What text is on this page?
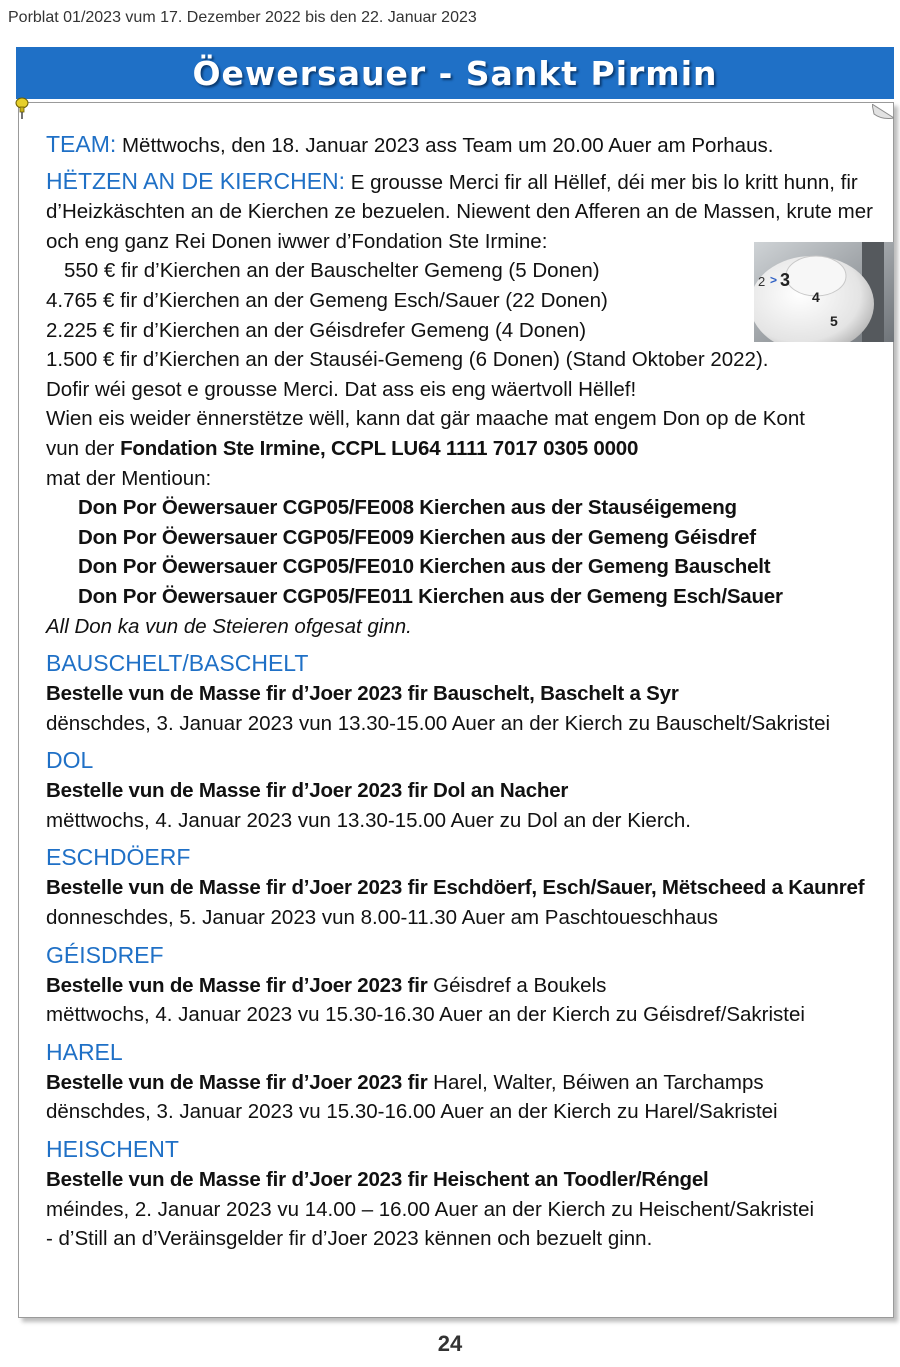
Porblat 01/2023 vum 17. Dezember 2022 bis den 22. Januar 2023
Öewersauer - Sankt Pirmin

TEAM: Mëttwochs, den 18. Januar 2023 ass Team um 20.00 Auer am Porhaus.

HËTZEN AN DE KIERCHEN: E grousse Merci fir all Hëllef, déi mer bis lo kritt hunn, fir d’Heizkäschten an de Kierchen ze bezuelen. Niewent den Afferen an de Massen, krute mer och eng ganz Rei Donen iwwer d’Fondation Ste Irmine:

550 € fir d’Kierchen an der Bauschelter Gemeng (5 Donen)

4.765 € fir d’Kierchen an der Gemeng Esch/Sauer (22 Donen)

2.225 € fir d’Kierchen an der Géisdrefer Gemeng (4 Donen)

1.500 € fir d’Kierchen an der Stauséi-Gemeng (6 Donen) (Stand Oktober 2022).

Dofir wéi gesot e grousse Merci. Dat ass eis eng wäertvoll Hëllef!

Wien eis weider ënnerstëtze wëll, kann dat gär maache mat engem Don op de Kont

vun der Fondation Ste Irmine, CCPL LU64 1111 7017 0305 0000

mat der Mentioun:

Don Por Öewersauer CGP05/FE008 Kierchen aus der Stauséigemeng

Don Por Öewersauer CGP05/FE009 Kierchen aus der Gemeng Géisdref

Don Por Öewersauer CGP05/FE010 Kierchen aus der Gemeng Bauschelt

Don Por Öewersauer CGP05/FE011 Kierchen aus der Gemeng Esch/Sauer

All Don ka vun de Steieren ofgesat ginn.

BAUSCHELT/BASCHELT

Bestelle vun de Masse fir d’Joer 2023 fir Bauschelt, Baschelt a Syr

dënschdes, 3. Januar 2023 vun 13.30-15.00 Auer an der Kierch zu Bauschelt/Sakristei

DOL

Bestelle vun de Masse fir d’Joer 2023 fir Dol an Nacher

mëttwochs, 4. Januar 2023 vun 13.30-15.00 Auer zu Dol an der Kierch.

ESCHDÖERF

Bestelle vun de Masse fir d’Joer 2023 fir Eschdöerf, Esch/Sauer, Mëtscheed a Kaunref

donneschdes, 5. Januar 2023 vun 8.00-11.30 Auer am Paschtoueschhaus

GÉISDREF

Bestelle vun de Masse fir d’Joer 2023 fir Géisdref a Boukels

mëttwochs, 4. Januar 2023 vu 15.30-16.30 Auer an der Kierch zu Géisdref/Sakristei

HAREL

Bestelle vun de Masse fir d’Joer 2023 fir Harel, Walter, Béiwen an Tarchamps

dënschdes, 3. Januar 2023 vu 15.30-16.00 Auer an der Kierch zu Harel/Sakristei

HEISCHENT

Bestelle vun de Masse fir d’Joer 2023 fir Heischent an Toodler/Réngel

méindes, 2. Januar 2023 vu 14.00 – 16.00 Auer an der Kierch zu Heischent/Sakristei

- d’Still an d’Veräinsgelder fir d’Joer 2023 kënnen och bezuelt ginn.

2 > 3
4
5
24
